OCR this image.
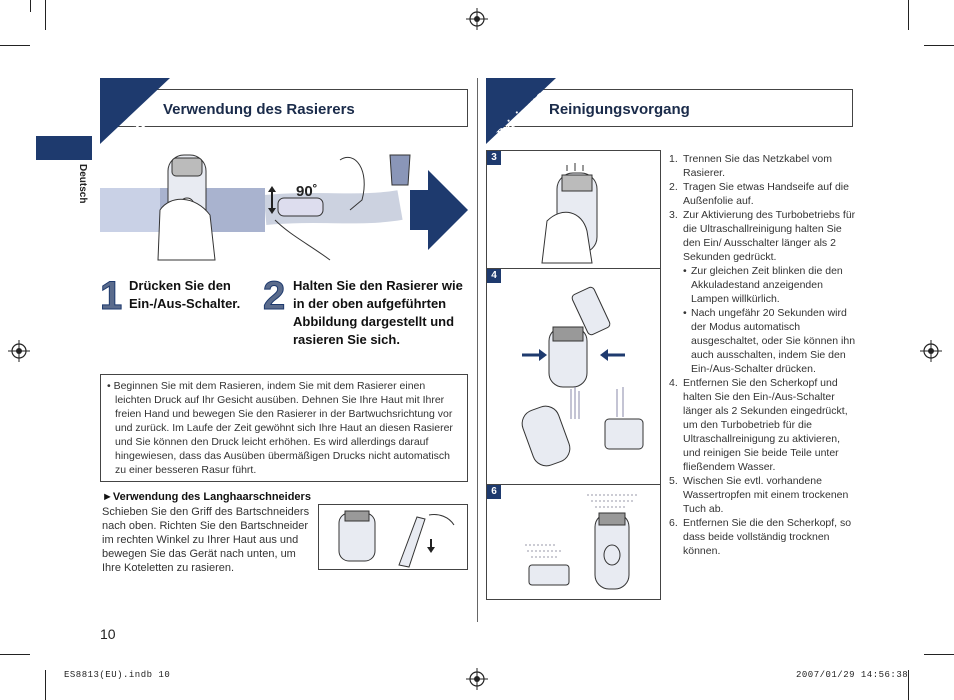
Deutsch
Rasur
Verwendung des Rasierers
90˚
1 Drücken Sie den Ein-/Aus-Schalter. 2 Halten Sie den Rasierer wie in der oben aufgeführten Abbildung dargestellt und rasieren Sie sich.

• Beginnen Sie mit dem Rasieren, indem Sie mit dem Rasierer einen leichten Druck auf Ihr Gesicht ausüben. Dehnen Sie Ihre Haut mit Ihrer freien Hand und bewegen Sie den Rasierer in der Bartwuchsrichtung vor und zurück. Im Laufe der Zeit gewöhnt sich Ihre Haut an diesen Rasierer und Sie können den Druck leicht erhöhen. Es wird allerdings darauf hingewiesen, dass das Ausüben übermäßigen Drucks nicht automatisch zu einer besseren Rasur führt.

►Verwendung des Langhaarschneiders
Schieben Sie den Griff des Bartschneiders nach oben. Richten Sie den Bartschneider im rechten Winkel zu Ihrer Haut aus und bewegen Sie das Gerät nach unten, um Ihre Koteletten zu rasieren.
10
Reinigung Reinigungsvorgang
3
4
6
1. Trennen Sie das Netzkabel vom Rasierer.
2. Tragen Sie etwas Handseife auf die Außenfolie auf.
3. Zur Aktivierung des Turbobetriebs für die Ultraschallreinigung halten Sie den Ein/ Ausschalter länger als 2 Sekunden gedrückt.
• Zur gleichen Zeit blinken die den Akkuladestand anzeigenden Lampen willkürlich.
• Nach ungefähr 20 Sekunden wird der Modus automatisch ausgeschaltet, oder Sie können ihn auch ausschalten, indem Sie den Ein-/Aus-Schalter drücken.
4. Entfernen Sie den Scherkopf und halten Sie den Ein-/Aus-Schalter länger als 2 Sekunden eingedrückt, um den Turbobetrieb für die Ultraschallreinigung zu aktivieren, und reinigen Sie beide Teile unter fließendem Wasser.
5. Wischen Sie evtl. vorhandene Wassertropfen mit einem trockenen Tuch ab.
6. Entfernen Sie die den Scherkopf, so dass beide vollständig trocknen können.
ES8813(EU).indb 10	2007/01/29 14:56:38
